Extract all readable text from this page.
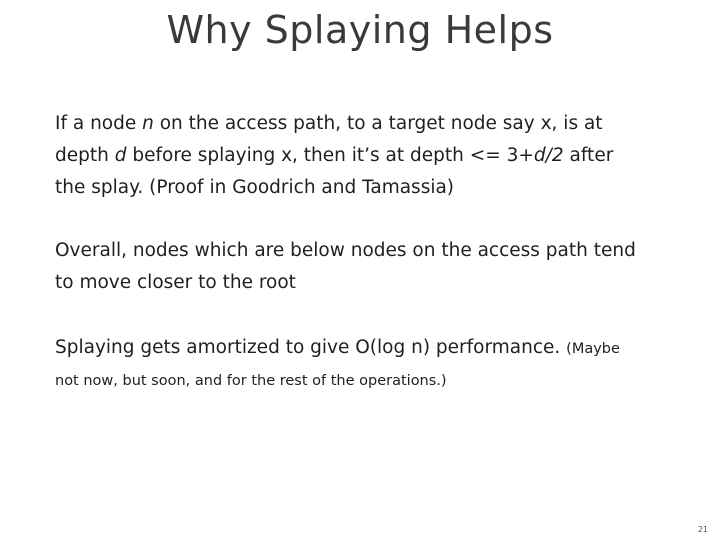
Why Splaying Helps
If a node n on the access path, to a target node say x, is at
depth d before splaying x, then it’s at depth <= 3+d/2 after
the splay. (Proof in Goodrich and Tamassia)
Overall, nodes which are below nodes on the access path tend
to move closer to the root
Splaying gets amortized to give O(log n) performance. (Maybe
not now, but soon, and for the rest of the operations.)
21
